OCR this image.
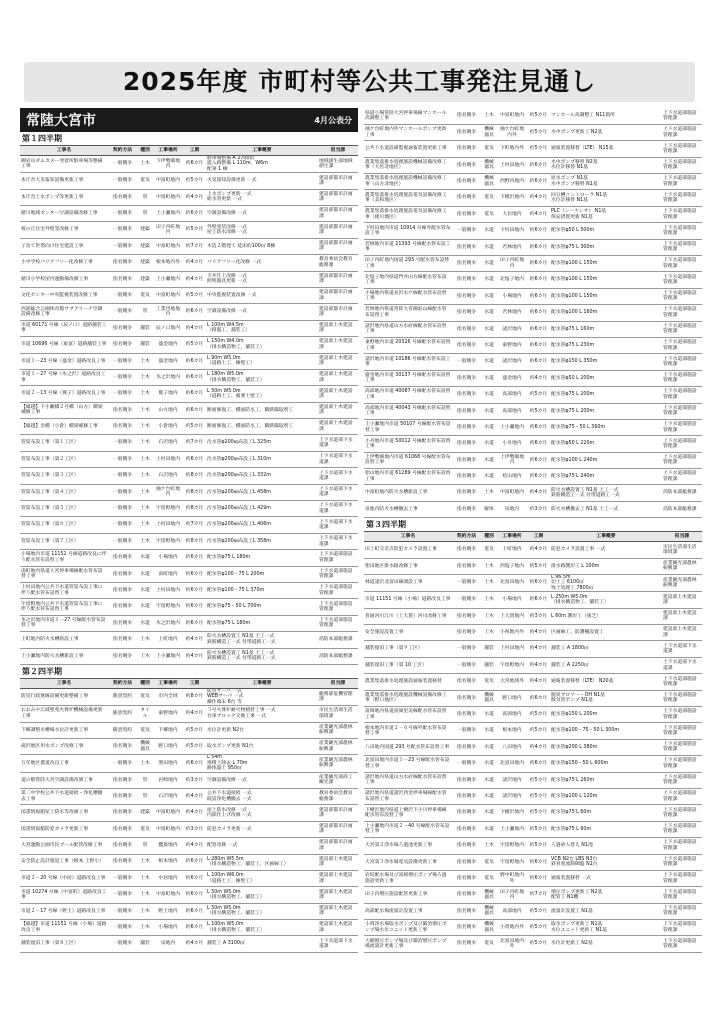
2025年度 市町村等公共工事発注見通し
常陸大宮市	4月公表分
第１四半期
工事名	契約方法	種別	工事場所	工期	工事概要	担当課
御岩山ダムカヌー発着所駐車場等整備工事	一般競争	土木	下伊勢畑地内	約6カ月	駐車場整備 A 2700㎡
進入路整備 L 110m、W6m
配筆 1 棟	地域創生部地域創生課
本庁舎大災報知設備更新工事	一般競争	電気	中富町地内	約5カ月	火災報知設備更新 一式	建設部都市計画課
本庁舎上水ポンプ等更新工事	指名競争	管	中富町地内	約4カ月	上水ポンプ更新 一式
給水管更新 一式	建設部都市計画課
緒川地域センター空調設備改修工事	一般競争	管	上小瀬地内	約6カ月	空調設備改修 一式	建設部都市計画課
桜の丘住宅外壁等改修工事	一般競争	建築	田子内町地内	約5カ月	外壁塗装改修 一式
屋上防水改修 一式	建設部都市計画課
子育て世帯向け住宅建設工事	一般競争	建築	中富町地内	約7カ月	木造２階建て 延床約100㎡ 8棟	建設部都市計画課
小中学校バリアフリー化改修工事	指名競争	建築	根本地内外	約4カ月	バリアフリー化改修 一式	教育委員会教育総務課
緒川小学校屋内運動場改修工事	指名競争	建築	上小瀬地内	約4カ月	天井仕上改修 一式
照明器具更新 一式	建設部都市計画課
文化センター中央監視装置改修工事	一般競争	電気	中富町地内	約5カ月	中央監視装置改修 一式	建設部都市計画課
西部総合公園体育館サブアリーナ空調設備改修工事	一般競争	管	工業団地地内	約6カ月	空調設備改修 一式	建設部都市計画課
市道 60171 号線（辰ノ口）道路舗装工事	指名競争	舗装	辰ノ口地内	約4カ月	L 100m W4.5m
（路盤工、舗装工）	建設部土木建設課
市道 10696 号線（東富）道路舗装工事	指名競争	舗装	盛金地内	約5カ月	L 150m W4.0m
（排水構造物工、舗装工）	建設部土木建設課
市道１－23 号線（盛金）道路改良工事	一般競争	土木	盛金地内	約6カ月	L 90m W5.0m
（道路土工、擁壁工）	建設部土木建設課
市道１－27 号線（氷之沢）道路改良工事	一般競争	土木	氷之沢地内	約6カ月	L 180m W5.0m
（排水構造物工、舗装工）	建設部土木建設課
市道２－13 号線（鷲子）道路改良工事	一般競争	土木	鷲子地内	約6カ月	L 50m W5.0m
（道路土工、補強土壁工）	建設部土木建設課
【繰越】下小瀬橋２号橋（山方）橋梁補修工事	指名競争	土木	山方地内	約6カ月	断面修復工、橋面防水工、脚鉄脚取替工	建設部土木建設課
【繰越】舎橋（小倉）橋梁補修工事	指名競争	土木	小倉地内	約5カ月	断面修復工、橋面防水工、脚鉄脚取替工	建設部土木建設課
管渠布設工事（第１工区）	一般競争	土木	石沢地内	約7カ月	汚水管φ200㎜布設工L 325m	上下水道部下水道課
管渠布設工事（第２工区）	一般競争	土木	上村田地内	約6カ月	汚水管φ200㎜布設工L 310m	上下水道部下水道課
管渠布設工事（第３工区）	一般競争	土木	石沢地内	約8カ月	汚水管φ200㎜布設工L 332m	上下水道部下水道課
管渠布設工事（第４工区）	一般競争	土木	抽ケ台町地内	約8カ月	汚水管φ200㎜布設工L 458m	上下水道部下水道課
管渠布設工事（第５工区）	一般競争	土木	宇留野地内	約8カ月	汚水管φ200㎜布設工L 429m	上下水道部下水道課
管渠布設工事（第６工区）	一般競争	土木	上村田地内	約7カ月	汚水管φ200㎜布設工L 406m	上下水道部下水道課
管渠布設工事（第７工区）	一般競争	土木	宇留野地内	約8カ月	汚水管φ200㎜布設工L 358m	上下水道部下水道課
小場地内市道 11151 号線道路改良に伴う配水管布設替工事	指名競争	水道	小場地内	約6カ月	配水管φ75 L 180m	上下水道部施設管理課
南町地内県道大宮停車場線配水管布設替工事	指名競争	水道	南町地内	約6カ月	配水管φ100・75 L 200m	上下水道部施設管理課
上村田地内公共下水道管渠布設工事に伴う配水管布設替工事	指名競争	水道	上村田地内	約6カ月	配水管φ100・75 L 370m	上下水道部施設管理課
宇留野地内公共下水道管渠布設工事に伴う配水管布設替工事	指名競争	水道	宇留野地内	約6カ月	配水管φ75・50 L 700m	上下水道部施設管理課
氷之沢地内市道１－27 号線配水管布設替工事	指名競争	水道	氷之沢地内	約6カ月	配水管φ75 L 180m	上下水道部施設管理課
上町地内防火水槽新設工事	指名競争	土木	上町地内	約4カ月	防火水槽設置工 N1基 土工一式
鉄筋構造工一式 付帯道路工一式	消防本部総務課
上小瀬地内防火水槽新設工事	指名競争	土木	上小瀬地内	約4カ月	防火水槽設置工 N1基 土工一式
鉄筋構造工一式 付帯道路工一式	消防本部総務課
第２四半期
工事名	契約方法	種別	工事場所	工期	工事概要	担当課
防災行政無線設備更新整備工事	随意契約	電気	市内全域	約8カ月	防災サーバ 一式
WEBサーバ 一式
操作端末 6台 等	総務部危機管理課
おおみや広域聖苑火葬炉機械設備更新工事	随意契約	タイル	東野地内	約4カ月	３号火葬炉耐火物積替工事 一式
台車ブロック交換工事 一式	市民生活部生活環境課
下郷調整水槽場水位計更新工事	随意契約	電気	下郷地内	約5カ月	水位計更新 N2台	産業観光部農林振興課
滝沢地区用水ポンプ改修工事	指名競争	機械器具	野口地内	約5カ月	取水ポンプ更新 N1台	産業観光部農林振興課
万年地区農道改良工事	一般競争	土木	照田地内	約6カ月	L 54m
堆積土除去 L 70m
路体盛土 950㎡	産業観光部農林振興課
道の駅常陸大宮空調設備改修工事	指名競争	管	岩崎地内	約3カ月	空調設備改修 一式	産業観光部商工観光課
第二中学校公共下水道接続・浄化槽撤去工事	指名競争	管	石沢地内	約4カ月	公共下水道接続 一式
既設浄化槽撤去 一式	教育委員会教育総務課
図書情報館屋上防水等改修工事	指名競争	建築	中富町地内	約4カ月	屋上防水改修 一式
内部仕上げ改修 一式	建設部都市計画課
図書情報館防犯カメラ更新工事	指名競争	電気	中富町地内	約3カ月	防犯カメラ更新 一式	建設部都市計画課
大宮運動公園市民プール配管改修工事	指名競争	管	鷹巣地内	約4カ月	配管改修 一式	建設部都市計画課
安全防止設計施設工事（根本 上野小）	指名競争	土木	根本地内	約6カ月	L 280m W5.5m
（排水構造物工、舗装工、区画線工）	建設部土木建設課
市道２－20 号線（中居）道路改良工事	一般競争	土木	中居地内	約6カ月	L 100m W6.0m
（道路土工、擁壁工）	建設部土木建設課
市道 10274 号線（中富町）道路改良工事	一般競争	土木	中富町地内	約6カ月	L 50m W5.0m
（排水構造物工、舗装工）	建設部土木建設課
市道２－17 号線（野上）道路改良工事	一般競争	土木	野上地内	約6カ月	L 50m W5.0m
（排水構造物工、舗装工）	建設部土木建設課
【繰越】市道 11151 号線（小場）道路改良工事	一般競争	土木	小場地内	約6カ月	L 100m W5.0m
（排水構造物工、舗装工）	建設部土木建設課
舗装復旧工事（第８工区）	一般競争	舗装	泉地内	約4カ月	舗装工 A 3100㎡	上下水道部下水道課
県道小場常陸大宮停車場線マンホール高調整工事	指名競争	土木	中富町地内	約5カ月	マンホール高調整工 N11箇所	上下水道部施設管理課
抽ケ台町地内外マンホールポンプ更新工事	指名競争	機械器具	抽ケ台町地内外	約5カ月	水中ポンプ更新工 N2基	上下水道部施設管理課
公共下水道設備監視通報装置更新工事	指名競争	電気	下町地内外	約5カ月	通報装置移替（LTE） N15基	上下水道部施設管理課
農業集落排水処理施設機械設備改修工事（大宮北地区）	指名競争	機械器具	上村田地内	約6カ月	水中ポンプ移替 N2基
水位計移替 N1基	上下水道部施設管理課
農業集落排水処理施設機械設備改修工事（山方北地区）	指名競争	機械器具	西野内地内	約6カ月	原水ポンプ N1基
水中ポンプ移替 N1基	上下水道部施設管理課
農業集落排水処理施設電気設備改修工事（美和地区）	指名競争	電気	下檜沢地内	約4カ月	回分槽コントローラ N1基
水位計移替 N1基	上下水道部施設管理課
農業集落排水処理施設電気設備改修工事（緒川地区）	指名競争	電気	大岩地内	約4カ月	PLC（シーケンサ） N1基
保安措置更新 N1基	上下水道部施設管理課
下村田地内市道 10914 号線外配水管布設工事	一般競争	水道	下村田地内	約6カ月	配水管φ50 L 500m	上下水道部施設管理課
若林地内市道 21393 号線配水管布設工事	指名競争	水道	若林地内	約6カ月	配水管φ75 L 300m	上下水道部施設管理課
田子内町地内国道 293 号配水管布設替工事	指名競争	水道	田子内町地内	約6カ月	配水管φ100 L 150m	上下水道部施設管理課
北塩子地内県道門井山方線配水管布設工事	指名競争	水道	北塩子地内	約6カ月	配水管φ100 L 150m	上下水道部施設管理課
小場地内県道長沢水戸線配水管布設替工事	指名競争	水道	小場地内	約6カ月	配水管φ100 L 150m	上下水道部施設管理課
若林地内県道常陸大宮御前山線配水管布設替工事	指名競争	水道	若林地内	約6カ月	配水管φ100 L 160m	上下水道部施設管理課
諸沢地内県道山方水府線配水管布設替工事	指名競争	水道	諸沢地内	約6カ月	配水管φ75 L 160m	上下水道部施設管理課
東野地内市道 20326 号線配水管布設替工事	指名競争	水道	東野地内	約6カ月	配水管φ75 L 230m	上下水道部施設管理課
諸沢地内市道 10186 号線配水管布設工事	一般競争	水道	諸沢地内	約6カ月	配水管φ150 L 350m	上下水道部施設管理課
盛金地内市道 30137 号線配水管布設替工事	指名競争	水道	盛金地内	約4カ月	配水管φ50 L 200m	上下水道部施設管理課
高部地内市道 40087 号線配水管布設替工事	指名競争	水道	高部地内	約5カ月	配水管φ75 L 200m	上下水道部施設管理課
高部地内市道 40043 号線配水管布設替工事	指名競争	水道	高部地内	約5カ月	配水管φ75 L 200m	上下水道部施設管理課
上小瀬地内市道 50107 号線配水管布設替工事	指名競争	水道	上小瀬地内	約6カ月	配水管φ75・50 L 360m	上下水道部施設管理課
小舟地内市道 50012 号線配水管布設替工事	指名競争	水道	小舟地内	約6カ月	配水管φ50 L 220m	上下水道部施設管理課
上伊勢畑地内市道 61068 号線配水管布設替工事	指名競争	水道	上伊勢畑地内	約6カ月	配水管φ100 L 240m	上下水道部施設管理課
桧山地内市道 61289 号線配水管布設替工事	指名競争	水道	桧山地内	約6カ月	配水管φ75 L 240m	上下水道部施設管理課
中富町地内防火水槽新設工事	指名競争	土木	中富町地内	約4カ月	防火水槽設置工 N1基 土工一式
鉄筋構造工一式 付帯道路工一式	消防本部総務課
泉地内防火水槽撤去工事	指名競争	解体	泉地内	約3カ月	防火水槽撤去工 N1基 土工一式	消防本部総務課
第３四半期
工事名	契約方法	種別	工事場所	工期	工事概要	担当課
田上町交差点防犯カメラ設置工事	指名競争	電気	上町地内	約4カ月	防犯カメラ設置工事 一式	市民生活部生活環境課
聖田地区排水路改修工事	指名競争	土木	西塩子地内	約5カ月	排水路護岸工 L 100m	産業観光部農林振興課
林道諸沢北富田線開設工事	一般競争	土木	北富田地内	約6カ月	L 96.5m
切土工 6100㎥
残土処理工 7800㎥	産業観光部農林振興課
市道 11151 号線（小場）道路改良工事	一般競争	土木	小場地内	約6カ月	L 250m W5.0m
（排水構造物工、舗装工）	建設部土木建設課
普通河川江川（上大賀）河川改修工事	指名競争	土木	上大賀地内	約3カ月	L 60m 護岸工（張芝）	建設部土木建設課
安全施設設置工事	指名競争	土木	小祝地内外	約4カ月	区画線工、防護柵設置工	建設部土木建設課
舗装復旧工事（第９工区）	一般競争	舗装	上村田地内	約4カ月	舗装工 A 1800㎡	上下水道部下水道課
舗装復旧工事（第 10 工区）	一般競争	舗装	宇留野地内	約4カ月	舗装工 A 2250㎡	上下水道部下水道課
農業集落排水処理施設通報装置移替	指名競争	電気	大宮地域外	約4カ月	通報装置移替（LTE） N20基	上下水道部施設管理課
農業集落排水処理施設機械設備改修工事（野口地区）	指名競争	機械器具	野口地内	約6カ月	脱臭ブロワー・OH N1基
散気管ポンプ N1基	上下水道部施設管理課
富岡地内県道富岡里美線配水管布設替工事	指名競争	水道	富岡地内	約5カ月	配水管φ150 L 200m	上下水道部施設管理課
根本地内市道２－６号線外配水管布設替工事	一般競争	水道	根本地内	約5カ月	配水管φ100・75・50 L 300m	上下水道部施設管理課
八田地内国道 293 号配水管布設替工事	指名競争	水道	八田地内	約4カ月	配水管φ200 L 380m	上下水道部施設管理課
北富田地内市道１－23 号線配水管布設替工事	一般競争	水道	北富田地内	約6カ月	配水管φ150・50 L 600m	上下水道部施設管理課
諸沢地内県道山方水府線配水管布設替工事	指名競争	水道	諸沢地内	約5カ月	配水管φ75 L 260m	上下水道部施設管理課
諸沢地内県道諸沢西金停車場線配水管布設替工事	指名競争	水道	諸沢地内	約5カ月	配水管φ100 L 120m	上下水道部施設管理課
下檜沢地内県道上檜沢下小川停車場線配水管布設替工事	指名競争	水道	下檜沢地内	約5カ月	配水管φ75 L 60m	上下水道部施設管理課
上小瀬地内市道２－40 号線配水管布設替工事	指名競争	水道	上小瀬地内	約5カ月	配水管φ75 L 60m	上下水道部施設管理課
大宮第２浄水場ろ過池更新工事	指名競争	土木	宇留野地内	約5カ月	ろ過砂入替え N1池	上下水道部施設管理課
大宮第３浄水場電気設備更新工事	指名競争	電気	宇留野地内	約6カ月	VCB N2台 LBS N3台
鉄骨電流制御盤 N1台	上下水道部施設管理課
岩坂配水場及び富岡増圧ポンプ場ろ過施設更新工事	指名競争	電気	野中町地内外	約6カ月	通報装置移替 一式	上下水道部施設管理課
田子内増圧施設配管更新工事	指名競争	機械器具	田子内町地内	約7カ月	増圧ポンプ更新工 N2基
配管工 N1機	上下水道部施設管理課
高部配水場流量計設置工事	指名競争	機械器具	高部地内	約5カ月	流量計設置工 N1基	上下水道部施設管理課
小貫浄水場取水ポンプ及び鍛冶増圧ポンプ場水位ユニット更新工事	指名競争	機械器具	小貫地内外	約5カ月	取水ポンプ更新工 N1基
水位ユニット更新工 N1基	上下水道部施設管理課
大網増圧ポンプ場及び鍛冶増圧ポンプ場流量計更新工事	指名競争	電気	北富田地内外	約5カ月	水位計更新工 N2基	上下水道部施設管理課
